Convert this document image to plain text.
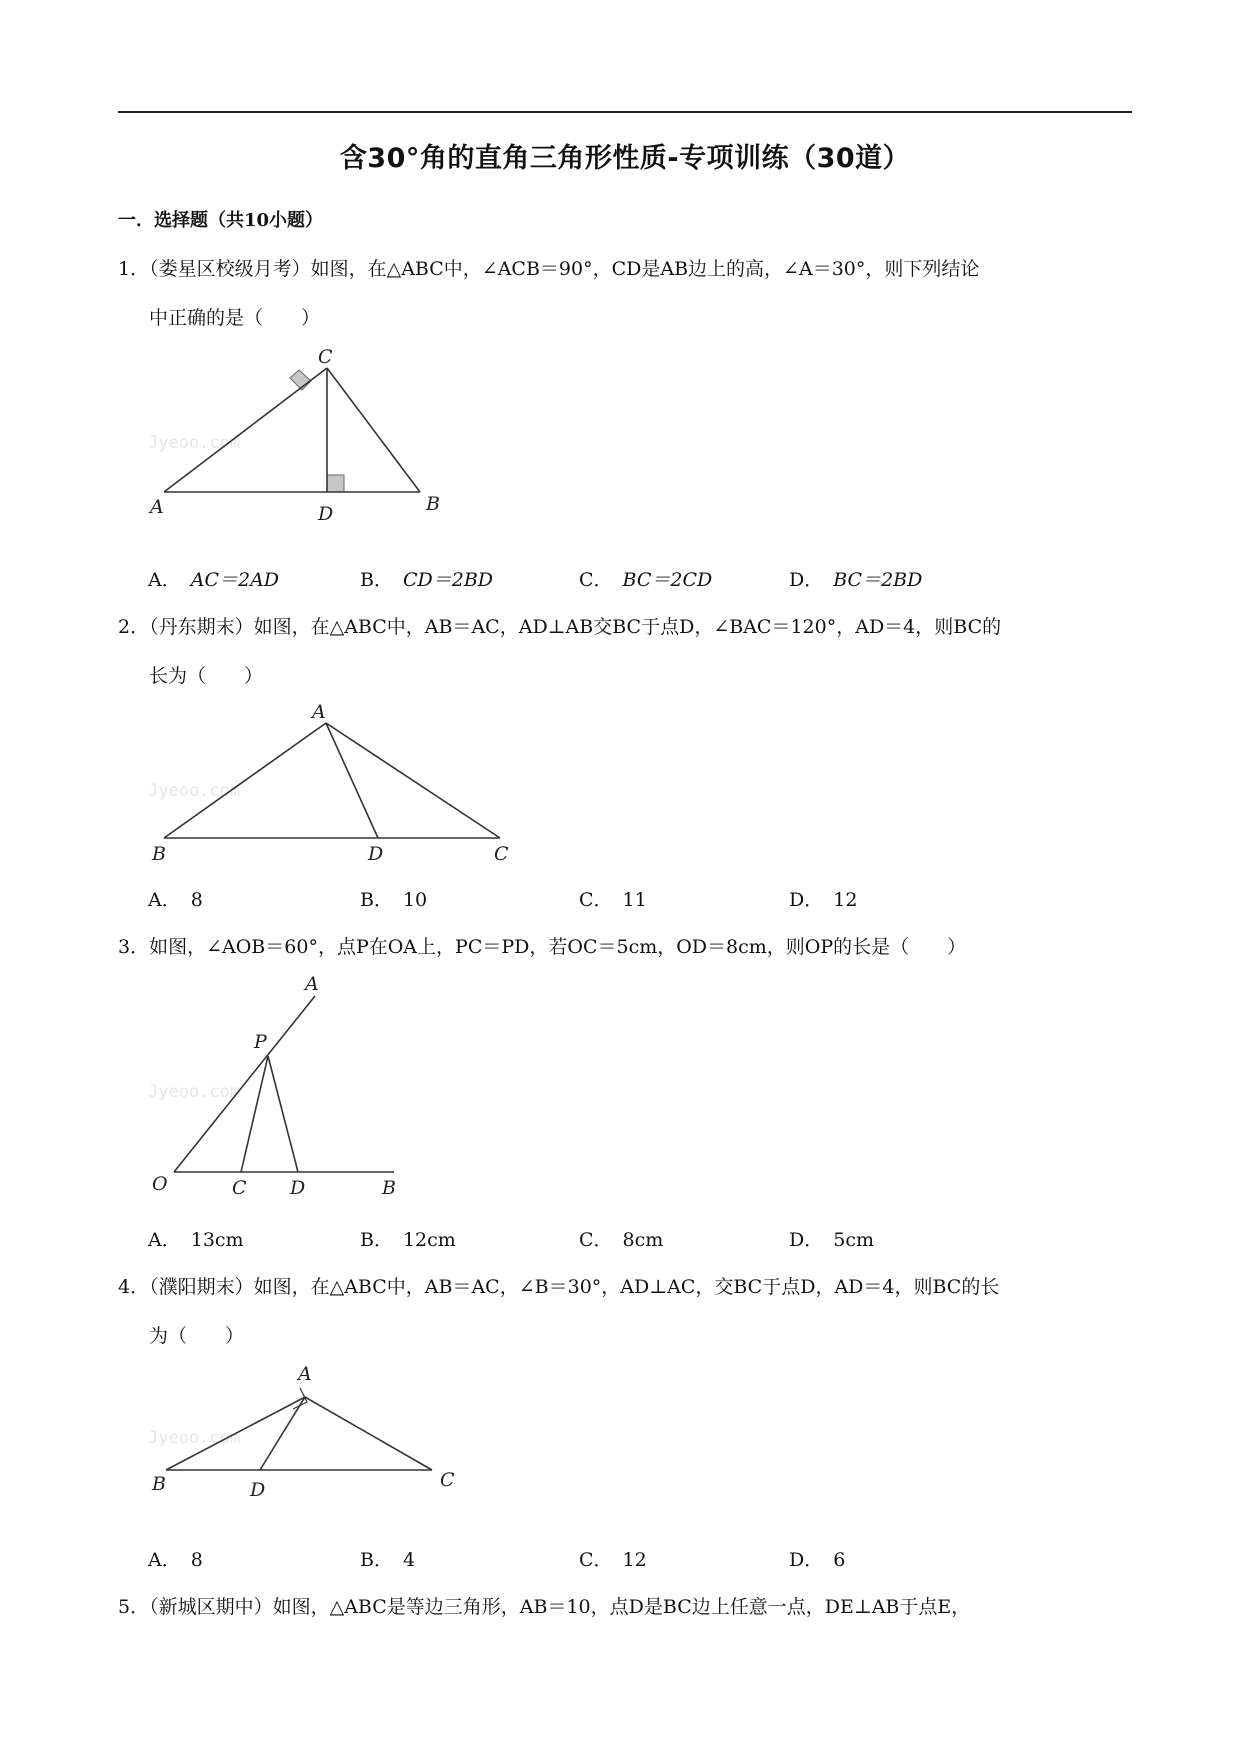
含30°角的直角三角形性质-专项训练（30道）
一．选择题（共10小题）
1．（娄星区校级月考）如图，在△ABC中，∠ACB＝90°，CD是AB边上的高，∠A＝30°，则下列结论
中正确的是（　　）
Jyeoo.com
A
C
D	B
A． AC＝2AD	B． CD＝2BD	C． BC＝2CD	D． BC＝2BD
2．（丹东期末）如图，在△ABC中，AB＝AC，AD⊥AB交BC于点D，∠BAC＝120°，AD＝4，则BC的
长为（　　）
Jyeoo.com
A
B	D	C
A． 8	B． 10	C． 11	D． 12
3．如图，∠AOB＝60°，点P在OA上，PC＝PD，若OC＝5cm，OD＝8cm，则OP的长是（　　）
Jyeoo.com
A
P
O	C D	B
A． 13cm	B． 12cm	C． 8cm	D． 5cm
4．（濮阳期末）如图，在△ABC中，AB＝AC，∠B＝30°，AD⊥AC，交BC于点D，AD＝4，则BC的长
为（　　）
Jyeoo.com
A
B	D	C
A． 8	B． 4	C． 12	D． 6
5．（新城区期中）如图，△ABC是等边三角形，AB＝10，点D是BC边上任意一点，DE⊥AB于点E，
